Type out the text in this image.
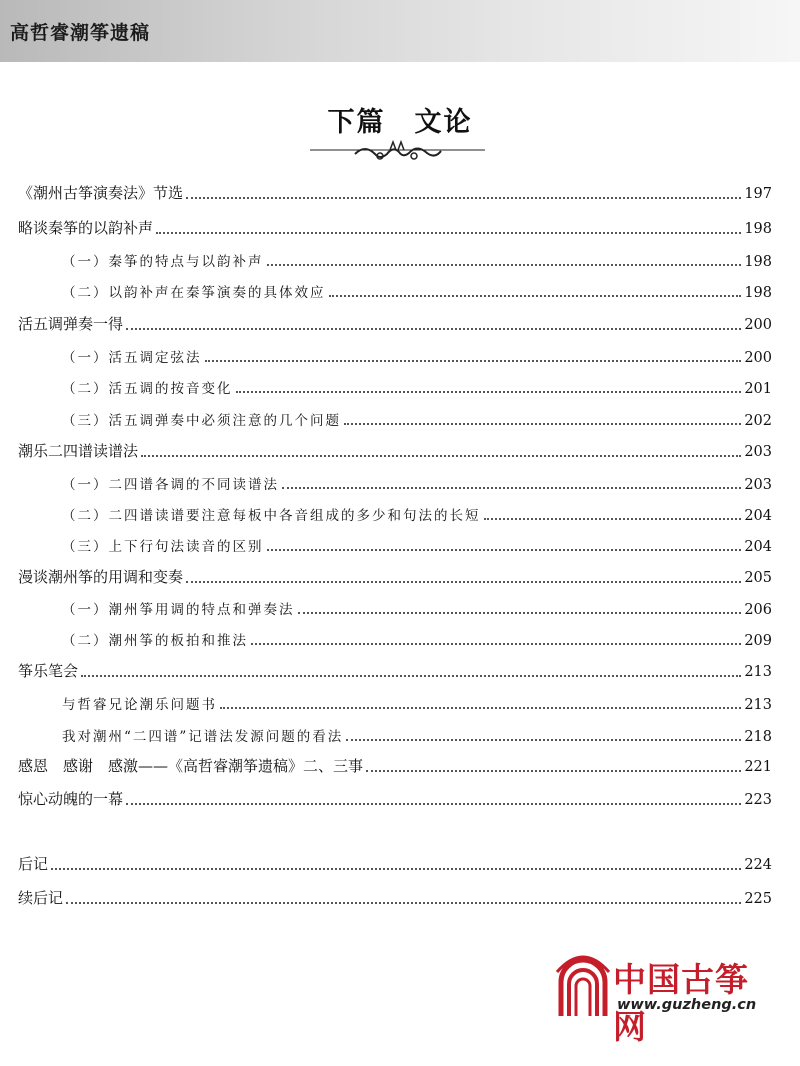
高哲睿潮筝遗稿
下篇　文论
《潮州古筝演奏法》节选	197
略谈秦筝的以韵补声	198
（一）秦筝的特点与以韵补声	198
（二）以韵补声在秦筝演奏的具体效应	198
活五调弹奏一得	200
（一）活五调定弦法	200
（二）活五调的按音变化	201
（三）活五调弹奏中必须注意的几个问题	202
潮乐二四谱读谱法	203
（一）二四谱各调的不同读谱法	203
（二）二四谱读谱要注意每板中各音组成的多少和句法的长短	204
（三）上下行句法读音的区别	204
漫谈潮州筝的用调和变奏	205
（一）潮州筝用调的特点和弹奏法	206
（二）潮州筝的板拍和推法	209
筝乐笔会	213
与哲睿兄论潮乐问题书	213
我对潮州“二四谱”记谱法发源问题的看法	218
感恩　感谢　感激——《高哲睿潮筝遗稿》二、三事	221
惊心动魄的一幕	223
后记	224
续后记	225
中国古筝网
www.guzheng.cn
